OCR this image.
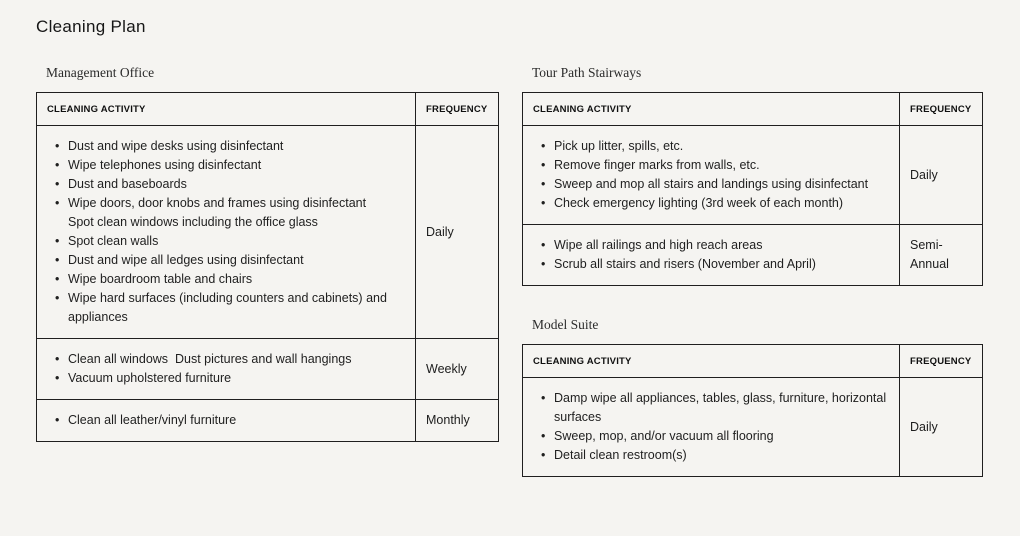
Cleaning Plan
Management Office
CLEANING ACTIVITY	FREQUENCY

• Dust and wipe desks using disinfectant
• Wipe telephones using disinfectant
• Dust and baseboards
• Wipe doors, door knobs and frames using disinfectant
Spot clean windows including the office glass
• Spot clean walls
• Dust and wipe all ledges using disinfectant
• Wipe boardroom table and chairs
• Wipe hard surfaces (including counters and cabinets) and appliances
	Daily

• Clean all windows  Dust pictures and wall hangings
• Vacuum upholstered furniture
	Weekly

• Clean all leather/vinyl furniture	Monthly
Tour Path Stairways
CLEANING ACTIVITY	FREQUENCY

• Pick up litter, spills, etc.
• Remove finger marks from walls, etc.
• Sweep and mop all stairs and landings using disinfectant
• Check emergency lighting (3rd week of each month)
	Daily

• Wipe all railings and high reach areas
• Scrub all stairs and risers (November and April)
	Semi-Annual
Model Suite
CLEANING ACTIVITY	FREQUENCY

• Damp wipe all appliances, tables, glass, furniture, horizontal surfaces
• Sweep, mop, and/or vacuum all flooring
• Detail clean restroom(s)
	Daily
